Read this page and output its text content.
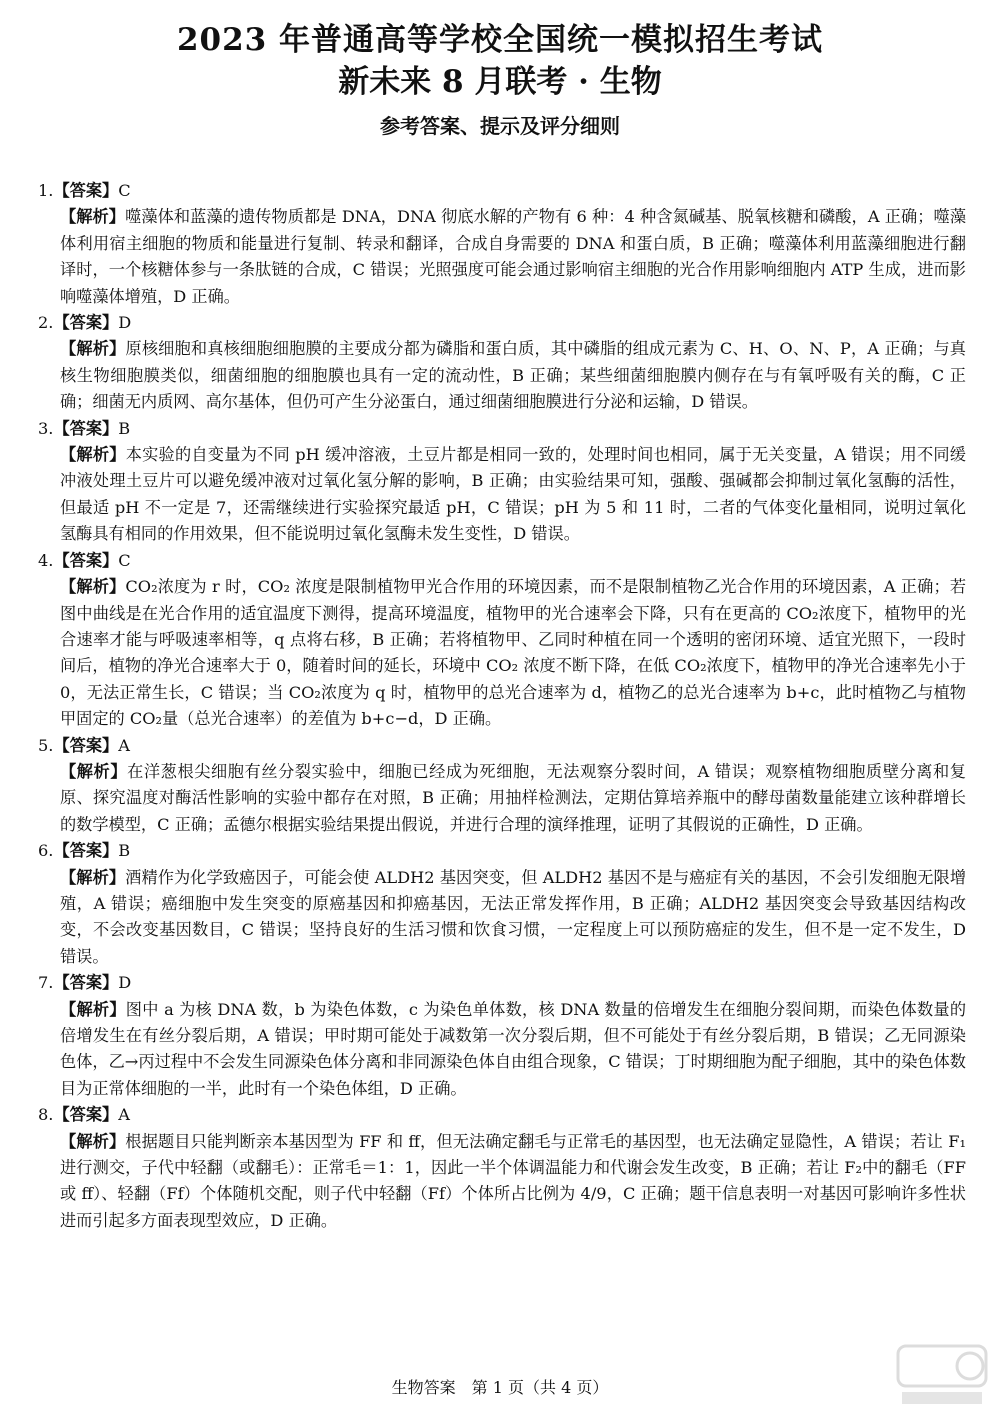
2023 年普通高等学校全国统一模拟招生考试
新未来 8 月联考 · 生物
参考答案、提示及评分细则

1.【答案】C

【解析】噬藻体和蓝藻的遗传物质都是 DNA，DNA 彻底水解的产物有 6 种：4 种含氮碱基、脱氧核糖和磷酸，A 正确；噬藻体利用宿主细胞的物质和能量进行复制、转录和翻译，合成自身需要的 DNA 和蛋白质，B 正确；噬藻体利用蓝藻细胞进行翻译时，一个核糖体参与一条肽链的合成，C 错误；光照强度可能会通过影响宿主细胞的光合作用影响细胞内 ATP 生成，进而影响噬藻体增殖，D 正确。

2.【答案】D

【解析】原核细胞和真核细胞细胞膜的主要成分都为磷脂和蛋白质，其中磷脂的组成元素为 C、H、O、N、P，A 正确；与真核生物细胞膜类似，细菌细胞的细胞膜也具有一定的流动性，B 正确；某些细菌细胞膜内侧存在与有氧呼吸有关的酶，C 正确；细菌无内质网、高尔基体，但仍可产生分泌蛋白，通过细菌细胞膜进行分泌和运输，D 错误。

3.【答案】B

【解析】本实验的自变量为不同 pH 缓冲溶液，土豆片都是相同一致的，处理时间也相同，属于无关变量，A 错误；用不同缓冲液处理土豆片可以避免缓冲液对过氧化氢分解的影响，B 正确；由实验结果可知，强酸、强碱都会抑制过氧化氢酶的活性，但最适 pH 不一定是 7，还需继续进行实验探究最适 pH，C 错误；pH 为 5 和 11 时，二者的气体变化量相同，说明过氧化氢酶具有相同的作用效果，但不能说明过氧化氢酶未发生变性，D 错误。

4.【答案】C

【解析】CO₂浓度为 r 时，CO₂ 浓度是限制植物甲光合作用的环境因素，而不是限制植物乙光合作用的环境因素，A 正确；若图中曲线是在光合作用的适宜温度下测得，提高环境温度，植物甲的光合速率会下降，只有在更高的 CO₂浓度下，植物甲的光合速率才能与呼吸速率相等，q 点将右移，B 正确；若将植物甲、乙同时种植在同一个透明的密闭环境、适宜光照下，一段时间后，植物的净光合速率大于 0，随着时间的延长，环境中 CO₂ 浓度不断下降，在低 CO₂浓度下，植物甲的净光合速率先小于 0，无法正常生长，C 错误；当 CO₂浓度为 q 时，植物甲的总光合速率为 d，植物乙的总光合速率为 b+c，此时植物乙与植物甲固定的 CO₂量（总光合速率）的差值为 b+c−d，D 正确。

5.【答案】A

【解析】在洋葱根尖细胞有丝分裂实验中，细胞已经成为死细胞，无法观察分裂时间，A 错误；观察植物细胞质壁分离和复原、探究温度对酶活性影响的实验中都存在对照，B 正确；用抽样检测法，定期估算培养瓶中的酵母菌数量能建立该种群增长的数学模型，C 正确；孟德尔根据实验结果提出假说，并进行合理的演绎推理，证明了其假说的正确性，D 正确。

6.【答案】B

【解析】酒精作为化学致癌因子，可能会使 ALDH2 基因突变，但 ALDH2 基因不是与癌症有关的基因，不会引发细胞无限增殖，A 错误；癌细胞中发生突变的原癌基因和抑癌基因，无法正常发挥作用，B 正确；ALDH2 基因突变会导致基因结构改变，不会改变基因数目，C 错误；坚持良好的生活习惯和饮食习惯，一定程度上可以预防癌症的发生，但不是一定不发生，D 错误。

7.【答案】D

【解析】图中 a 为核 DNA 数，b 为染色体数，c 为染色单体数，核 DNA 数量的倍增发生在细胞分裂间期，而染色体数量的倍增发生在有丝分裂后期，A 错误；甲时期可能处于减数第一次分裂后期，但不可能处于有丝分裂后期，B 错误；乙无同源染色体，乙→丙过程中不会发生同源染色体分离和非同源染色体自由组合现象，C 错误；丁时期细胞为配子细胞，其中的染色体数目为正常体细胞的一半，此时有一个染色体组，D 正确。

8.【答案】A

【解析】根据题目只能判断亲本基因型为 FF 和 ff，但无法确定翻毛与正常毛的基因型，也无法确定显隐性，A 错误；若让 F₁进行测交，子代中轻翻（或翻毛）：正常毛＝1：1，因此一半个体调温能力和代谢会发生改变，B 正确；若让 F₂中的翻毛（FF 或 ff）、轻翻（Ff）个体随机交配，则子代中轻翻（Ff）个体所占比例为 4/9，C 正确；题干信息表明一对基因可影响许多性状进而引起多方面表现型效应，D 正确。

生物答案　第 1 页（共 4 页）
